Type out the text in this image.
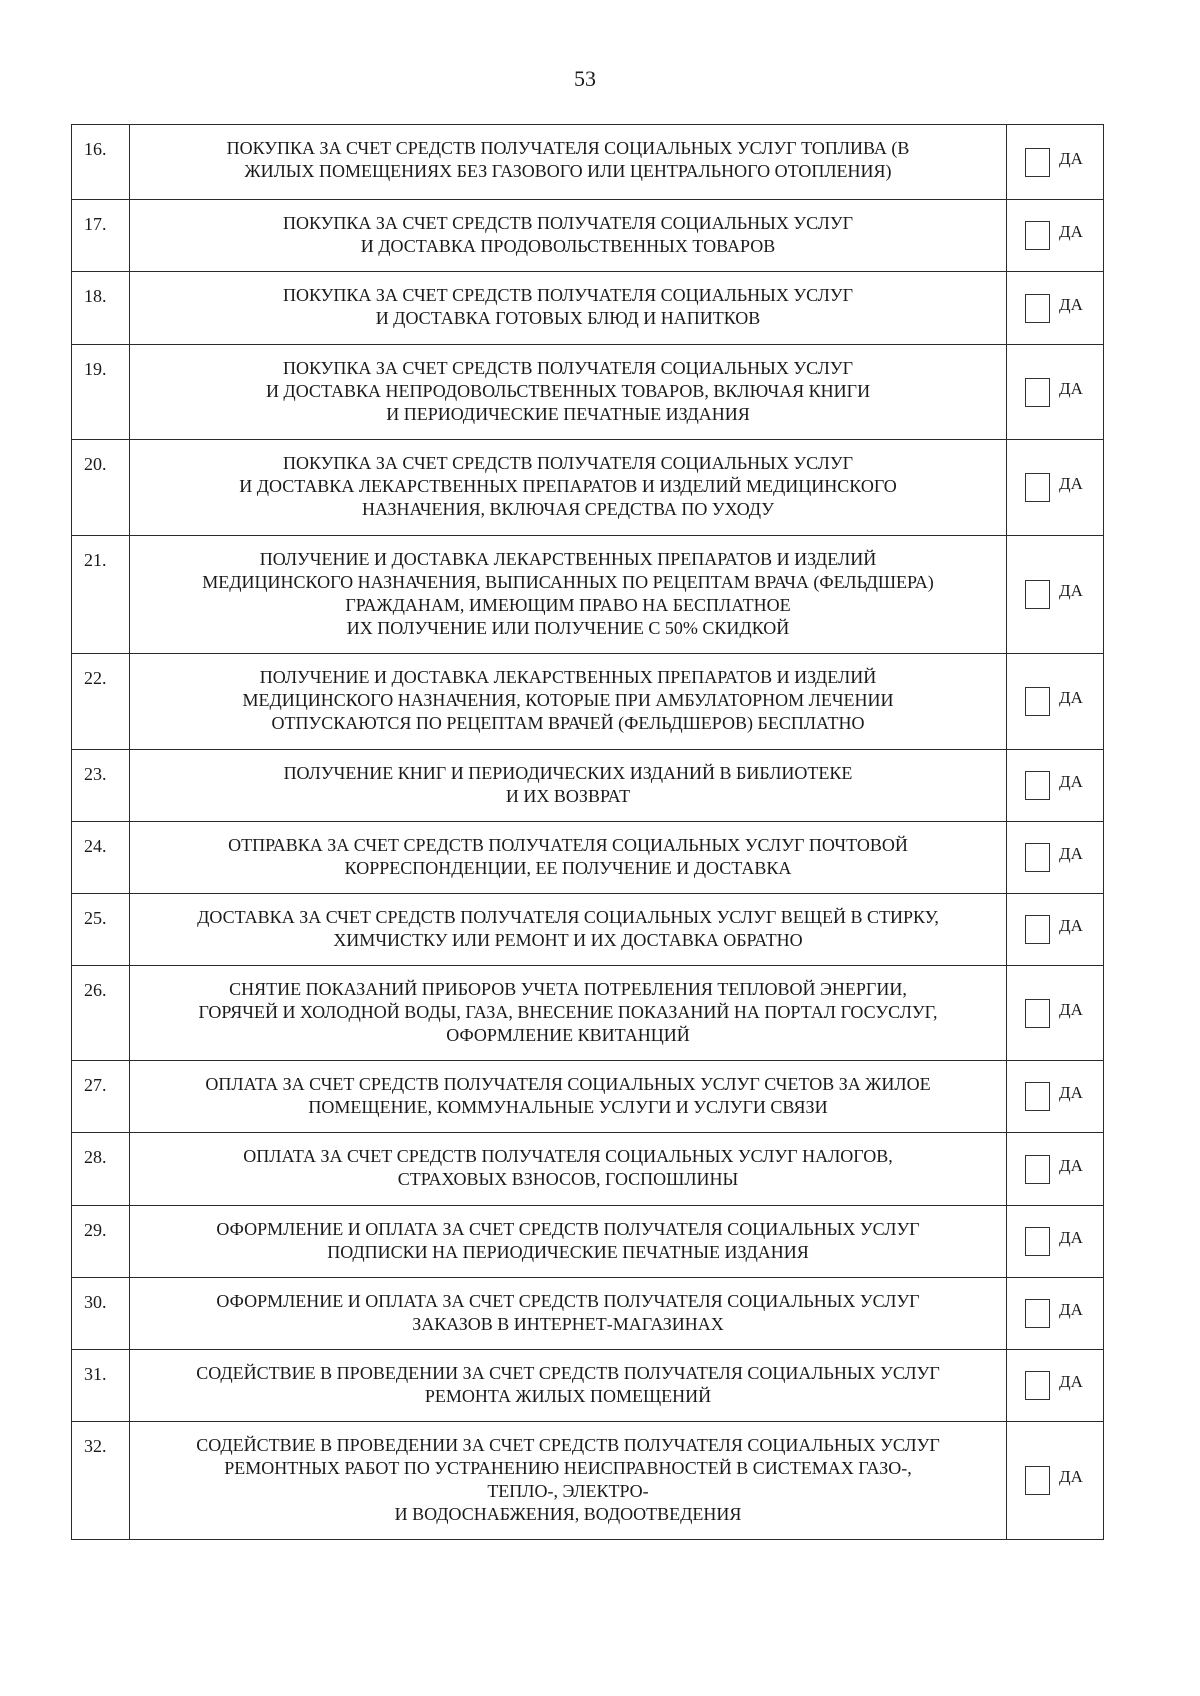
53
16.	ПОКУПКА ЗА СЧЕТ СРЕДСТВ ПОЛУЧАТЕЛЯ СОЦИАЛЬНЫХ УСЛУГ ТОПЛИВА (В
ЖИЛЫХ ПОМЕЩЕНИЯХ БЕЗ ГАЗОВОГО ИЛИ ЦЕНТРАЛЬНОГО ОТОПЛЕНИЯ)	ДА

17.	ПОКУПКА ЗА СЧЕТ СРЕДСТВ ПОЛУЧАТЕЛЯ СОЦИАЛЬНЫХ УСЛУГ
И ДОСТАВКА ПРОДОВОЛЬСТВЕННЫХ ТОВАРОВ	ДА

18.	ПОКУПКА ЗА СЧЕТ СРЕДСТВ ПОЛУЧАТЕЛЯ СОЦИАЛЬНЫХ УСЛУГ
И ДОСТАВКА ГОТОВЫХ БЛЮД И НАПИТКОВ	ДА

19.	ПОКУПКА ЗА СЧЕТ СРЕДСТВ ПОЛУЧАТЕЛЯ СОЦИАЛЬНЫХ УСЛУГ
И ДОСТАВКА НЕПРОДОВОЛЬСТВЕННЫХ ТОВАРОВ, ВКЛЮЧАЯ КНИГИ
И ПЕРИОДИЧЕСКИЕ ПЕЧАТНЫЕ ИЗДАНИЯ	ДА

20.	ПОКУПКА ЗА СЧЕТ СРЕДСТВ ПОЛУЧАТЕЛЯ СОЦИАЛЬНЫХ УСЛУГ
И ДОСТАВКА ЛЕКАРСТВЕННЫХ ПРЕПАРАТОВ И ИЗДЕЛИЙ МЕДИЦИНСКОГО
НАЗНАЧЕНИЯ, ВКЛЮЧАЯ СРЕДСТВА ПО УХОДУ	ДА

21.	ПОЛУЧЕНИЕ И ДОСТАВКА ЛЕКАРСТВЕННЫХ ПРЕПАРАТОВ И ИЗДЕЛИЙ
МЕДИЦИНСКОГО НАЗНАЧЕНИЯ, ВЫПИСАННЫХ ПО РЕЦЕПТАМ ВРАЧА (ФЕЛЬДШЕРА)
ГРАЖДАНАМ, ИМЕЮЩИМ ПРАВО НА БЕСПЛАТНОЕ
ИХ ПОЛУЧЕНИЕ ИЛИ ПОЛУЧЕНИЕ С 50% СКИДКОЙ	ДА

22.	ПОЛУЧЕНИЕ И ДОСТАВКА ЛЕКАРСТВЕННЫХ ПРЕПАРАТОВ И ИЗДЕЛИЙ
МЕДИЦИНСКОГО НАЗНАЧЕНИЯ, КОТОРЫЕ ПРИ АМБУЛАТОРНОМ ЛЕЧЕНИИ
ОТПУСКАЮТСЯ ПО РЕЦЕПТАМ ВРАЧЕЙ (ФЕЛЬДШЕРОВ) БЕСПЛАТНО	ДА

23.	ПОЛУЧЕНИЕ КНИГ И ПЕРИОДИЧЕСКИХ ИЗДАНИЙ В БИБЛИОТЕКЕ
И ИХ ВОЗВРАТ	ДА

24.	ОТПРАВКА ЗА СЧЕТ СРЕДСТВ ПОЛУЧАТЕЛЯ СОЦИАЛЬНЫХ УСЛУГ ПОЧТОВОЙ
КОРРЕСПОНДЕНЦИИ, ЕЕ ПОЛУЧЕНИЕ И ДОСТАВКА	ДА

25.	ДОСТАВКА ЗА СЧЕТ СРЕДСТВ ПОЛУЧАТЕЛЯ СОЦИАЛЬНЫХ УСЛУГ ВЕЩЕЙ В СТИРКУ,
ХИМЧИСТКУ ИЛИ РЕМОНТ И ИХ ДОСТАВКА ОБРАТНО	ДА

26.	СНЯТИЕ ПОКАЗАНИЙ ПРИБОРОВ УЧЕТА ПОТРЕБЛЕНИЯ ТЕПЛОВОЙ ЭНЕРГИИ,
ГОРЯЧЕЙ И ХОЛОДНОЙ ВОДЫ, ГАЗА, ВНЕСЕНИЕ ПОКАЗАНИЙ НА ПОРТАЛ ГОСУСЛУГ,
ОФОРМЛЕНИЕ КВИТАНЦИЙ	ДА

27.	ОПЛАТА ЗА СЧЕТ СРЕДСТВ ПОЛУЧАТЕЛЯ СОЦИАЛЬНЫХ УСЛУГ СЧЕТОВ ЗА ЖИЛОЕ
ПОМЕЩЕНИЕ, КОММУНАЛЬНЫЕ УСЛУГИ И УСЛУГИ СВЯЗИ	ДА

28.	ОПЛАТА ЗА СЧЕТ СРЕДСТВ ПОЛУЧАТЕЛЯ СОЦИАЛЬНЫХ УСЛУГ НАЛОГОВ,
СТРАХОВЫХ ВЗНОСОВ, ГОСПОШЛИНЫ	ДА

29.	ОФОРМЛЕНИЕ И ОПЛАТА ЗА СЧЕТ СРЕДСТВ ПОЛУЧАТЕЛЯ СОЦИАЛЬНЫХ УСЛУГ
ПОДПИСКИ НА ПЕРИОДИЧЕСКИЕ ПЕЧАТНЫЕ ИЗДАНИЯ	ДА

30.	ОФОРМЛЕНИЕ И ОПЛАТА ЗА СЧЕТ СРЕДСТВ ПОЛУЧАТЕЛЯ СОЦИАЛЬНЫХ УСЛУГ
ЗАКАЗОВ В ИНТЕРНЕТ-МАГАЗИНАХ	ДА

31.	СОДЕЙСТВИЕ В ПРОВЕДЕНИИ ЗА СЧЕТ СРЕДСТВ ПОЛУЧАТЕЛЯ СОЦИАЛЬНЫХ УСЛУГ
РЕМОНТА ЖИЛЫХ ПОМЕЩЕНИЙ	ДА

32.	СОДЕЙСТВИЕ В ПРОВЕДЕНИИ ЗА СЧЕТ СРЕДСТВ ПОЛУЧАТЕЛЯ СОЦИАЛЬНЫХ УСЛУГ
РЕМОНТНЫХ РАБОТ ПО УСТРАНЕНИЮ НЕИСПРАВНОСТЕЙ В СИСТЕМАХ ГАЗО-,
ТЕПЛО-, ЭЛЕКТРО-
И ВОДОСНАБЖЕНИЯ, ВОДООТВЕДЕНИЯ	ДА
